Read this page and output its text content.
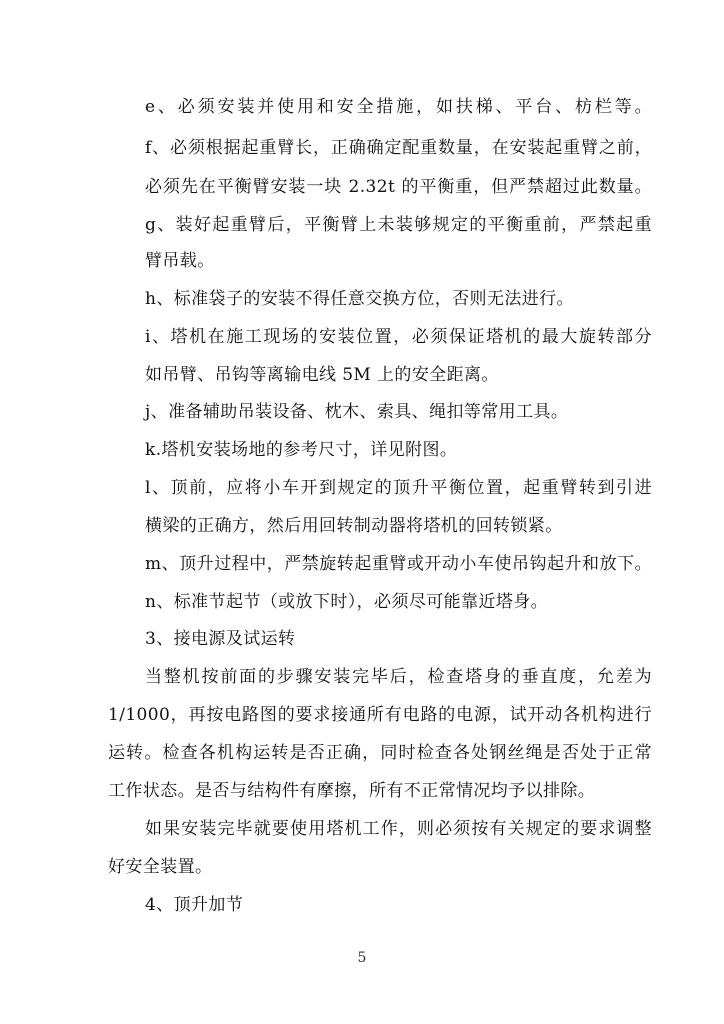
e、必须安装并使用和安全措施，如扶梯、平台、枋栏等。
f、必须根据起重臂长，正确确定配重数量，在安装起重臂之前，
必须先在平衡臂安装一块 2.32t 的平衡重，但严禁超过此数量。
g、装好起重臂后，平衡臂上未装够规定的平衡重前，严禁起重
臂吊载。
h、标准袋子的安装不得任意交换方位，否则无法进行。
i、塔机在施工现场的安装位置，必须保证塔机的最大旋转部分
如吊臂、吊钩等离输电线 5M 上的安全距离。
j、准备辅助吊装设备、枕木、索具、绳扣等常用工具。
k.塔机安装场地的参考尺寸，详见附图。
l、顶前，应将小车开到规定的顶升平衡位置，起重臂转到引进
横梁的正确方，然后用回转制动器将塔机的回转锁紧。
m、顶升过程中，严禁旋转起重臂或开动小车使吊钩起升和放下。
n、标准节起节（或放下时），必须尽可能靠近塔身。
3、接电源及试运转
当整机按前面的步骤安装完毕后，检查塔身的垂直度，允差为
1/1000，再按电路图的要求接通所有电路的电源，试开动各机构进行
运转。检查各机构运转是否正确，同时检查各处钢丝绳是否处于正常
工作状态。是否与结构件有摩擦，所有不正常情况均予以排除。
如果安装完毕就要使用塔机工作，则必须按有关规定的要求调整
好安全装置。
4、顶升加节
5
